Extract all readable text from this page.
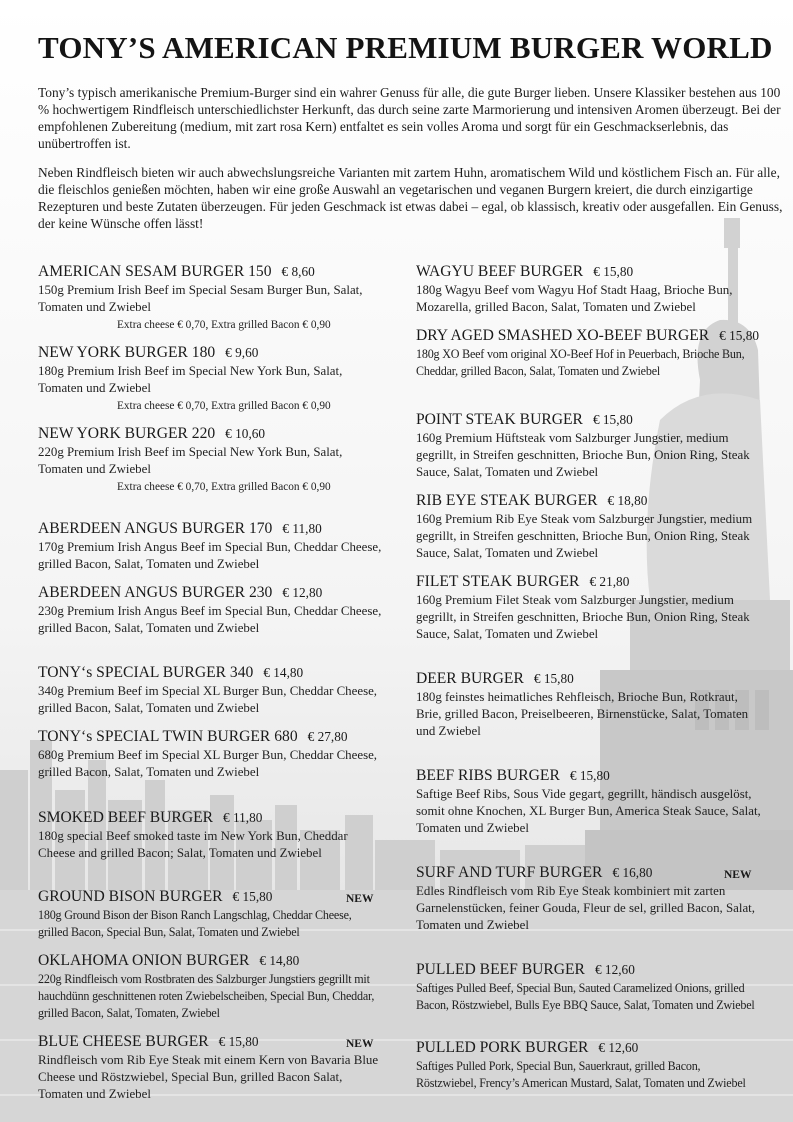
TONY’S AMERICAN PREMIUM BURGER WORLD
Tony’s typisch amerikanische Premium-Burger sind ein wahrer Genuss für alle, die gute Burger lieben. Unsere Klassiker bestehen aus 100 % hochwertigem Rindfleisch unterschiedlichster Herkunft, das durch seine zarte Marmorierung und intensiven Aromen überzeugt. Bei der empfohlenen Zubereitung (medium, mit zart rosa Kern) entfaltet es sein volles Aroma und sorgt für ein Geschmackserlebnis, das unübertroffen ist.
Neben Rindfleisch bieten wir auch abwechslungsreiche Varianten mit zartem Huhn, aromatischem Wild und köstlichem Fisch an. Für alle, die fleischlos genießen möchten, haben wir eine große Auswahl an vegetarischen und veganen Burgern kreiert, die durch einzigartige Rezepturen und beste Zutaten überzeugen. Für jeden Geschmack ist etwas dabei – egal, ob klassisch, kreativ oder ausgefallen. Ein Genuss, der keine Wünsche offen lässt!
AMERICAN SESAM BURGER 150 € 8,60
150g Premium Irish Beef im Special Sesam Burger Bun, Salat, Tomaten und Zwiebel
Extra cheese € 0,70, Extra grilled Bacon € 0,90
NEW YORK BURGER 180 € 9,60
180g Premium Irish Beef im Special New York Bun, Salat, Tomaten und Zwiebel
Extra cheese € 0,70, Extra grilled Bacon € 0,90
NEW YORK BURGER 220 € 10,60
220g Premium Irish Beef im Special New York Bun, Salat, Tomaten und Zwiebel
Extra cheese € 0,70, Extra grilled Bacon € 0,90
ABERDEEN ANGUS BURGER 170 € 11,80
170g Premium Irish Angus Beef im Special Bun, Cheddar Cheese, grilled Bacon, Salat, Tomaten und Zwiebel
ABERDEEN ANGUS BURGER 230 € 12,80
230g Premium Irish Angus Beef im Special Bun, Cheddar Cheese, grilled Bacon, Salat, Tomaten und Zwiebel
TONY‘s SPECIAL BURGER 340 € 14,80
340g Premium Beef im Special XL Burger Bun, Cheddar Cheese, grilled Bacon, Salat, Tomaten und Zwiebel
TONY‘s SPECIAL TWIN BURGER 680 € 27,80
680g Premium Beef im Special XL Burger Bun, Cheddar Cheese, grilled Bacon, Salat, Tomaten und Zwiebel
SMOKED BEEF BURGER € 11,80
180g special Beef smoked taste im New York Bun, Cheddar Cheese and grilled Bacon; Salat, Tomaten und Zwiebel
GROUND BISON BURGER € 15,80	NEW
180g Ground Bison der Bison Ranch Langschlag, Cheddar Cheese, grilled Bacon, Special Bun, Salat, Tomaten und Zwiebel
OKLAHOMA ONION BURGER € 14,80
220g Rindfleisch vom Rostbraten des Salzburger Jungstiers gegrillt mit hauchdünn geschnittenen roten Zwiebelscheiben, Special Bun, Cheddar, grilled Bacon, Salat, Tomaten, Zwiebel
BLUE CHEESE BURGER € 15,80	NEW
Rindfleisch vom Rib Eye Steak mit einem Kern von Bavaria Blue Cheese und Röstzwiebel, Special Bun, grilled Bacon Salat, Tomaten und Zwiebel
WAGYU BEEF BURGER € 15,80
180g Wagyu Beef vom Wagyu Hof Stadt Haag, Brioche Bun, Mozarella, grilled Bacon, Salat, Tomaten und Zwiebel
DRY AGED SMASHED XO-BEEF BURGER € 15,80
180g XO Beef vom original XO-Beef Hof in Peuerbach, Brioche Bun, Cheddar, grilled Bacon, Salat, Tomaten und Zwiebel
POINT STEAK BURGER € 15,80
160g Premium Hüftsteak vom Salzburger Jungstier, medium gegrillt, in Streifen geschnitten, Brioche Bun, Onion Ring, Steak Sauce, Salat, Tomaten und Zwiebel
RIB EYE STEAK BURGER € 18,80
160g Premium Rib Eye Steak vom Salzburger Jungstier, medium gegrillt, in Streifen geschnitten, Brioche Bun, Onion Ring, Steak Sauce, Salat, Tomaten und Zwiebel
FILET STEAK BURGER € 21,80
160g Premium Filet Steak vom Salzburger Jungstier, medium gegrillt, in Streifen geschnitten, Brioche Bun, Onion Ring, Steak Sauce, Salat, Tomaten und Zwiebel
DEER BURGER € 15,80
180g feinstes heimatliches Rehfleisch, Brioche Bun, Rotkraut, Brie, grilled Bacon, Preiselbeeren, Birnenstücke, Salat, Tomaten und Zwiebel
BEEF RIBS BURGER € 15,80
Saftige Beef Ribs, Sous Vide gegart, gegrillt, händisch ausgelöst, somit ohne Knochen, XL Burger Bun, America Steak Sauce, Salat, Tomaten und Zwiebel
SURF AND TURF BURGER € 16,80	NEW
Edles Rindfleisch vom Rib Eye Steak kombiniert mit zarten Garnelenstücken, feiner Gouda, Fleur de sel, grilled Bacon, Salat, Tomaten und Zwiebel
PULLED BEEF BURGER € 12,60
Saftiges Pulled Beef, Special Bun, Sauted Caramelized Onions, grilled Bacon, Röstzwiebel, Bulls Eye BBQ Sauce, Salat, Tomaten und Zwiebel
PULLED PORK BURGER € 12,60
Saftiges Pulled Pork, Special Bun, Sauerkraut, grilled Bacon, Röstzwiebel, Frency’s American Mustard, Salat, Tomaten und Zwiebel
